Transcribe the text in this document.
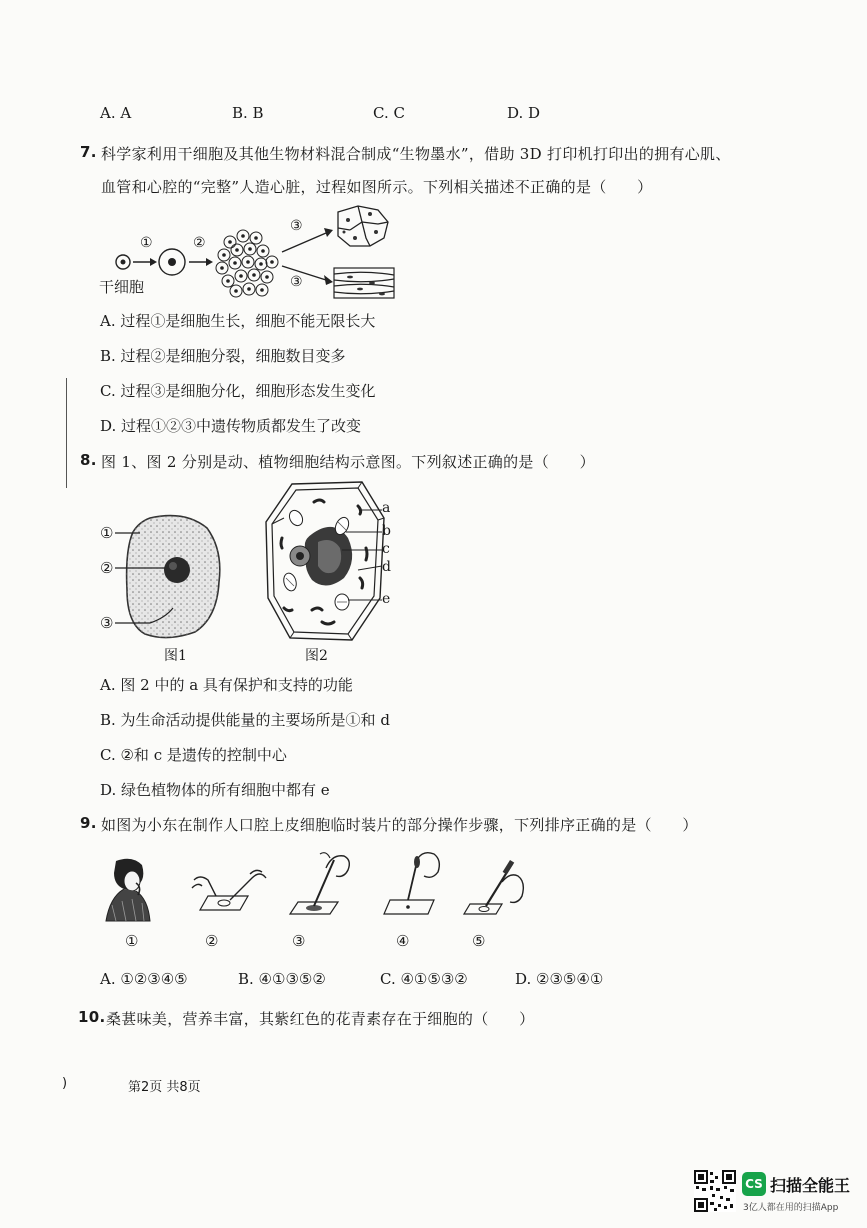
A. A	B. B	C. C	D. D
7. 科学家利用干细胞及其他生物材料混合制成“生物墨水”，借助 3D 打印机打印出的拥有心肌、
血管和心腔的“完整”人造心脏，过程如图所示。下列相关描述不正确的是（　　）
①	②
③
③
干细胞
A. 过程①是细胞生长，细胞不能无限长大
B. 过程②是细胞分裂，细胞数目变多
C. 过程③是细胞分化，细胞形态发生变化
D. 过程①②③中遗传物质都发生了改变
8. 图 1、图 2 分别是动、植物细胞结构示意图。下列叙述正确的是（　　）
①
②
③
图1
a
b
c
d
e
图2
A. 图 2 中的 a 具有保护和支持的功能
B. 为生命活动提供能量的主要场所是①和 d
C. ②和 c 是遗传的控制中心
D. 绿色植物体的所有细胞中都有 e
9. 如图为小东在制作人口腔上皮细胞临时装片的部分操作步骤，下列排序正确的是（　　）
①	②	③	④	⑤
A. ①②③④⑤	B. ④①③⑤②	C. ④①⑤③②	D. ②③⑤④①
10. 桑葚味美，营养丰富，其紫红色的花青素存在于细胞的（　　）
)	第2页 共8页
CS 扫描全能王
3亿人都在用的扫描App
